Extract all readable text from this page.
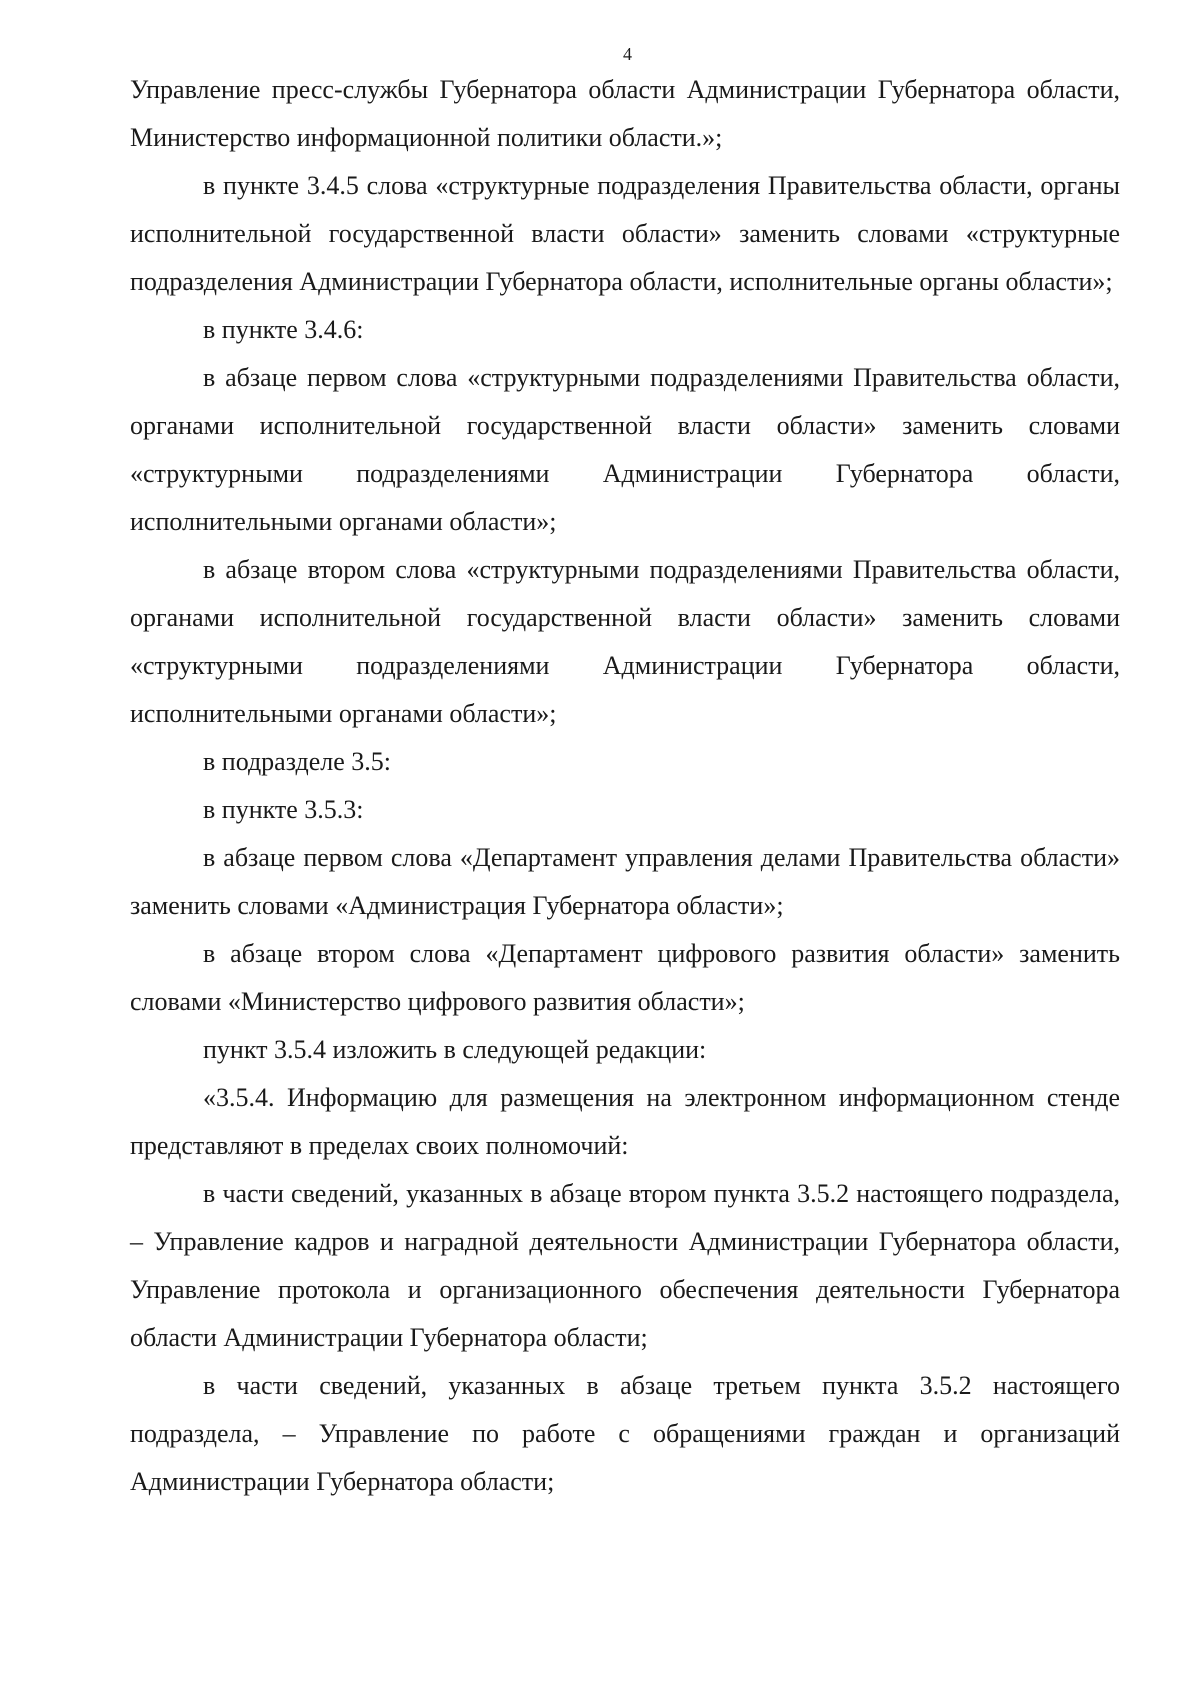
4

Управление пресс-службы Губернатора области Администрации Губернатора области, Министерство информационной политики области.»;

в пункте 3.4.5 слова «структурные подразделения Правительства области, органы исполнительной государственной власти области» заменить словами «структурные подразделения Администрации Губернатора области, исполнительные органы области»;

в пункте 3.4.6:

в абзаце первом слова «структурными подразделениями Правительства области, органами исполнительной государственной власти области» заменить словами «структурными подразделениями Администрации Губернатора области, исполнительными органами области»;

в абзаце втором слова «структурными подразделениями Правительства области, органами исполнительной государственной власти области» заменить словами «структурными подразделениями Администрации Губернатора области, исполнительными органами области»;

в подразделе 3.5:

в пункте 3.5.3:

в абзаце первом слова «Департамент управления делами Правительства области» заменить словами «Администрация Губернатора области»;

в абзаце втором слова «Департамент цифрового развития области» заменить словами «Министерство цифрового развития области»;

пункт 3.5.4 изложить в следующей редакции:

«3.5.4. Информацию для размещения на электронном информационном стенде представляют в пределах своих полномочий:

в части сведений, указанных в абзаце втором пункта 3.5.2 настоящего подраздела, – Управление кадров и наградной деятельности Администрации Губернатора области, Управление протокола и организационного обеспечения деятельности Губернатора области Администрации Губернатора области;

в части сведений, указанных в абзаце третьем пункта 3.5.2 настоящего подраздела, – Управление по работе с обращениями граждан и организаций Администрации Губернатора области;
